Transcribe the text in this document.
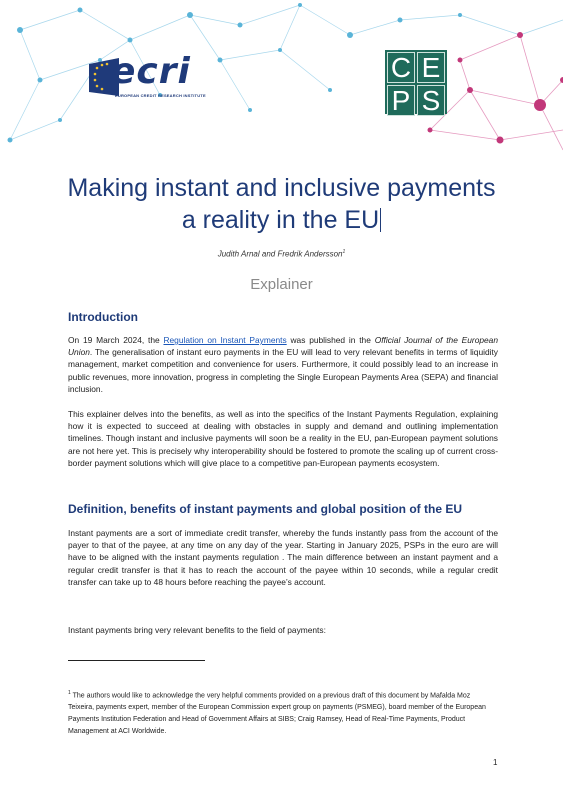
ecri
EUROPEAN CREDIT RESEARCH INSTITUTE
C E
P S
Making instant and inclusive payments
a reality in the EU
Judith Arnal and Fredrik Andersson$^1$
Explainer
Introduction
On 19 March 2024, the Regulation on Instant Payments was published in the Official Journal of the European Union. The generalisation of instant euro payments in the EU will lead to very relevant benefits in terms of liquidity management, market competition and convenience for users. Furthermore, it could possibly lead to an increase in public revenues, more innovation, progress in completing the Single European Payments Area (SEPA) and financial inclusion.
This explainer delves into the benefits, as well as into the specifics of the Instant Payments Regulation, explaining how it is expected to succeed at dealing with obstacles in supply and demand and outlining implementation timelines. Though instant and inclusive payments will soon be a reality in the EU, pan-European payment solutions are not here yet. This is precisely why interoperability should be fostered to promote the scaling up of current cross-border payment solutions which will give place to a competitive pan-European payments ecosystem.
Definition, benefits of instant payments and global position of the EU
Instant payments are a sort of immediate credit transfer, whereby the funds instantly pass from the account of the payer to that of the payee, at any time on any day of the year. Starting in January 2025, PSPs in the euro are will have to be aligned with the instant payments regulation . The main difference between an instant payment and a regular credit transfer is that it has to reach the account of the payee within 10 seconds, while a regular credit transfer can take up to 48 hours before reaching the payee’s account.
Instant payments bring very relevant benefits to the field of payments:
$^1$ The authors would like to acknowledge the very helpful comments provided on a previous draft of this document by Mafalda Moz Teixeira, payments expert, member of the European Commission expert group on payments (PSMEG), board member of the European Payments Institution Federation and Head of Government Affairs at SIBS; Craig Ramsey, Head of Real-Time Payments, Product Management at ACI Worldwide.
1
